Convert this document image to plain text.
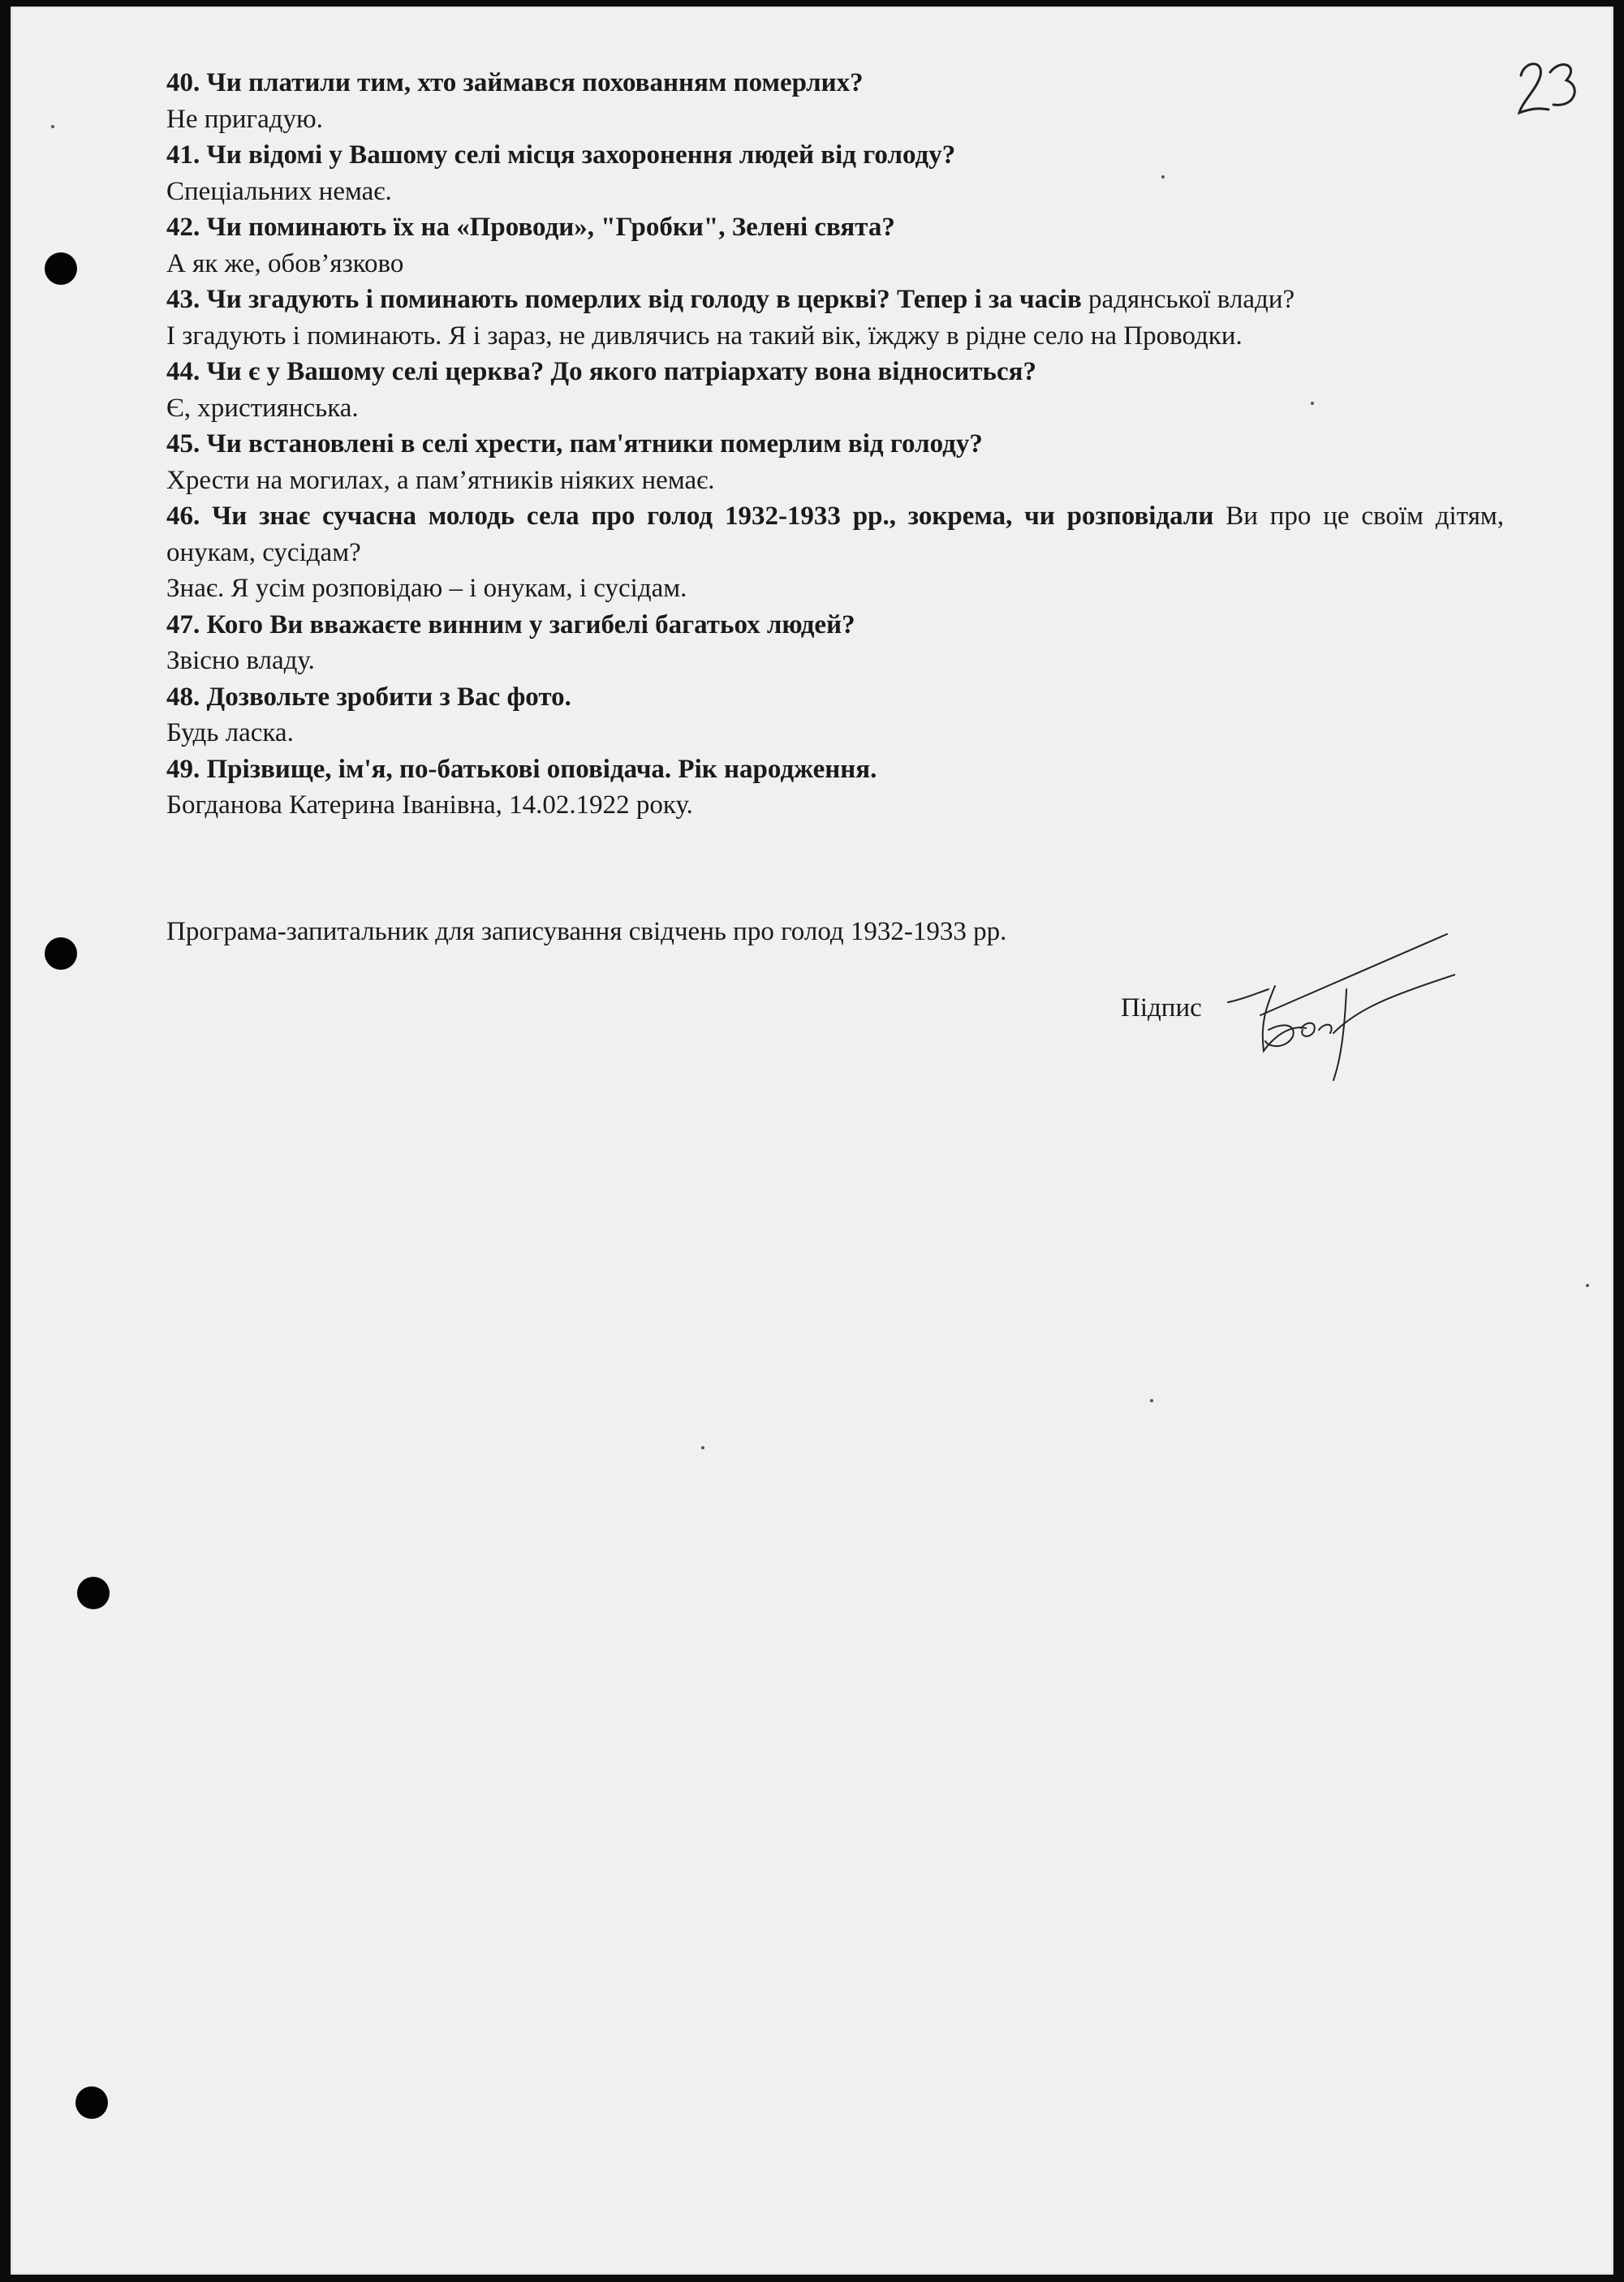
40. Чи платили тим, хто займався похованням померлих?

Не пригадую.

41. Чи відомі у Вашому селі місця захоронення людей від голоду?

Спеціальних немає.

42. Чи поминають їх на «Проводи», "Гробки", Зелені свята?

А як же, обов’язково

43. Чи згадують і поминають померлих від голоду в церкві? Тепер і за часів радянської влади?

І згадують і поминають. Я і зараз, не дивлячись на такий вік, їжджу в рідне село на Проводки.

44. Чи є у Вашому селі церква? До якого патріархату вона відноситься?

Є, християнська.

45. Чи встановлені в селі хрести, пам'ятники померлим від голоду?

Хрести на могилах, а пам’ятників ніяких немає.

46. Чи знає сучасна молодь села про голод 1932-1933 рр., зокрема, чи розповідали Ви про це своїм дітям, онукам, сусідам?

Знає. Я усім розповідаю – і онукам, і сусідам.

47. Кого Ви вважаєте винним у загибелі багатьох людей?

Звісно владу.

48. Дозвольте зробити з Вас фото.

Будь ласка.

49. Прізвище, ім'я, по-батькові оповідача. Рік народження.

Богданова Катерина Іванівна, 14.02.1922 року.

Програма-запитальник для записування свідчень про голод 1932-1933 рр.

Підпис
